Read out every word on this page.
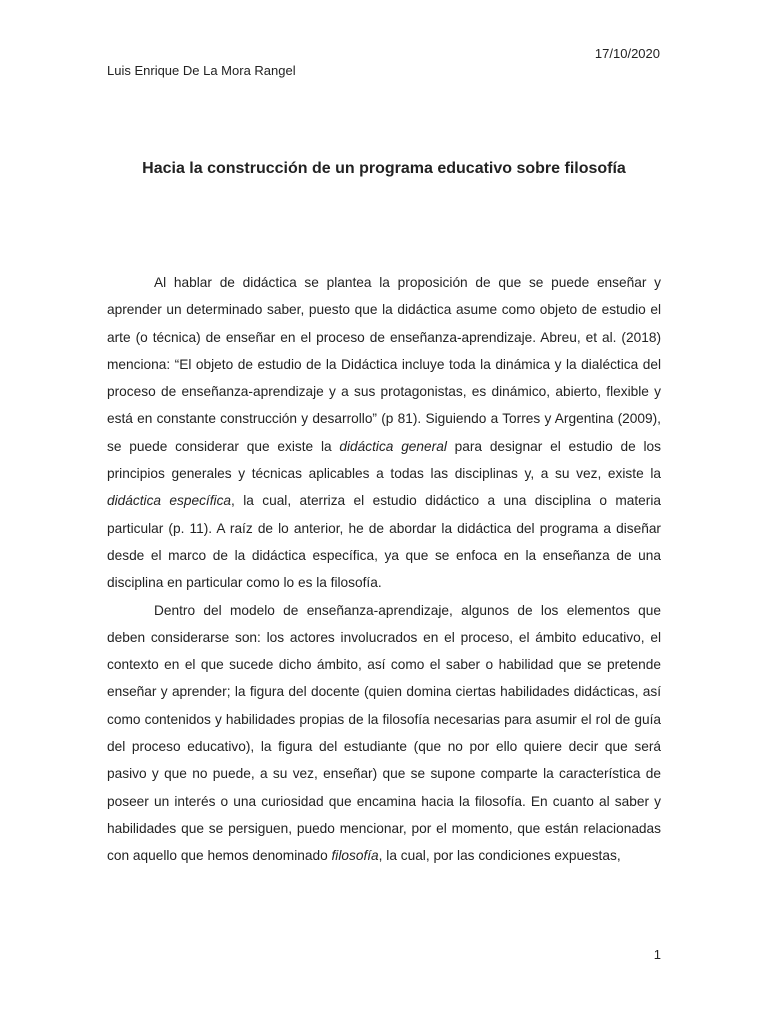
17/10/2020
Luis Enrique De La Mora Rangel
Hacia la construcción de un programa educativo sobre filosofía

Al hablar de didáctica se plantea la proposición de que se puede enseñar y aprender un determinado saber, puesto que la didáctica asume como objeto de estudio el arte (o técnica) de enseñar en el proceso de enseñanza-aprendizaje. Abreu, et al. (2018) menciona: “El objeto de estudio de la Didáctica incluye toda la dinámica y la dialéctica del proceso de enseñanza-aprendizaje y a sus protagonistas, es dinámico, abierto, flexible y está en constante construcción y desarrollo” (p 81). Siguiendo a Torres y Argentina (2009), se puede considerar que existe la didáctica general para designar el estudio de los principios generales y técnicas aplicables a todas las disciplinas y, a su vez, existe la didáctica específica, la cual, aterriza el estudio didáctico a una disciplina o materia particular (p. 11). A raíz de lo anterior, he de abordar la didáctica del programa a diseñar desde el marco de la didáctica específica, ya que se enfoca en la enseñanza de una disciplina en particular como lo es la filosofía.

Dentro del modelo de enseñanza-aprendizaje, algunos de los elementos que deben considerarse son: los actores involucrados en el proceso, el ámbito educativo, el contexto en el que sucede dicho ámbito, así como el saber o habilidad que se pretende enseñar y aprender; la figura del docente (quien domina ciertas habilidades didácticas, así como contenidos y habilidades propias de la filosofía necesarias para asumir el rol de guía del proceso educativo), la figura del estudiante (que no por ello quiere decir que será pasivo y que no puede, a su vez, enseñar) que se supone comparte la característica de poseer un interés o una curiosidad que encamina hacia la filosofía. En cuanto al saber y habilidades que se persiguen, puedo mencionar, por el momento, que están relacionadas con aquello que hemos denominado filosofía, la cual, por las condiciones expuestas,

1
